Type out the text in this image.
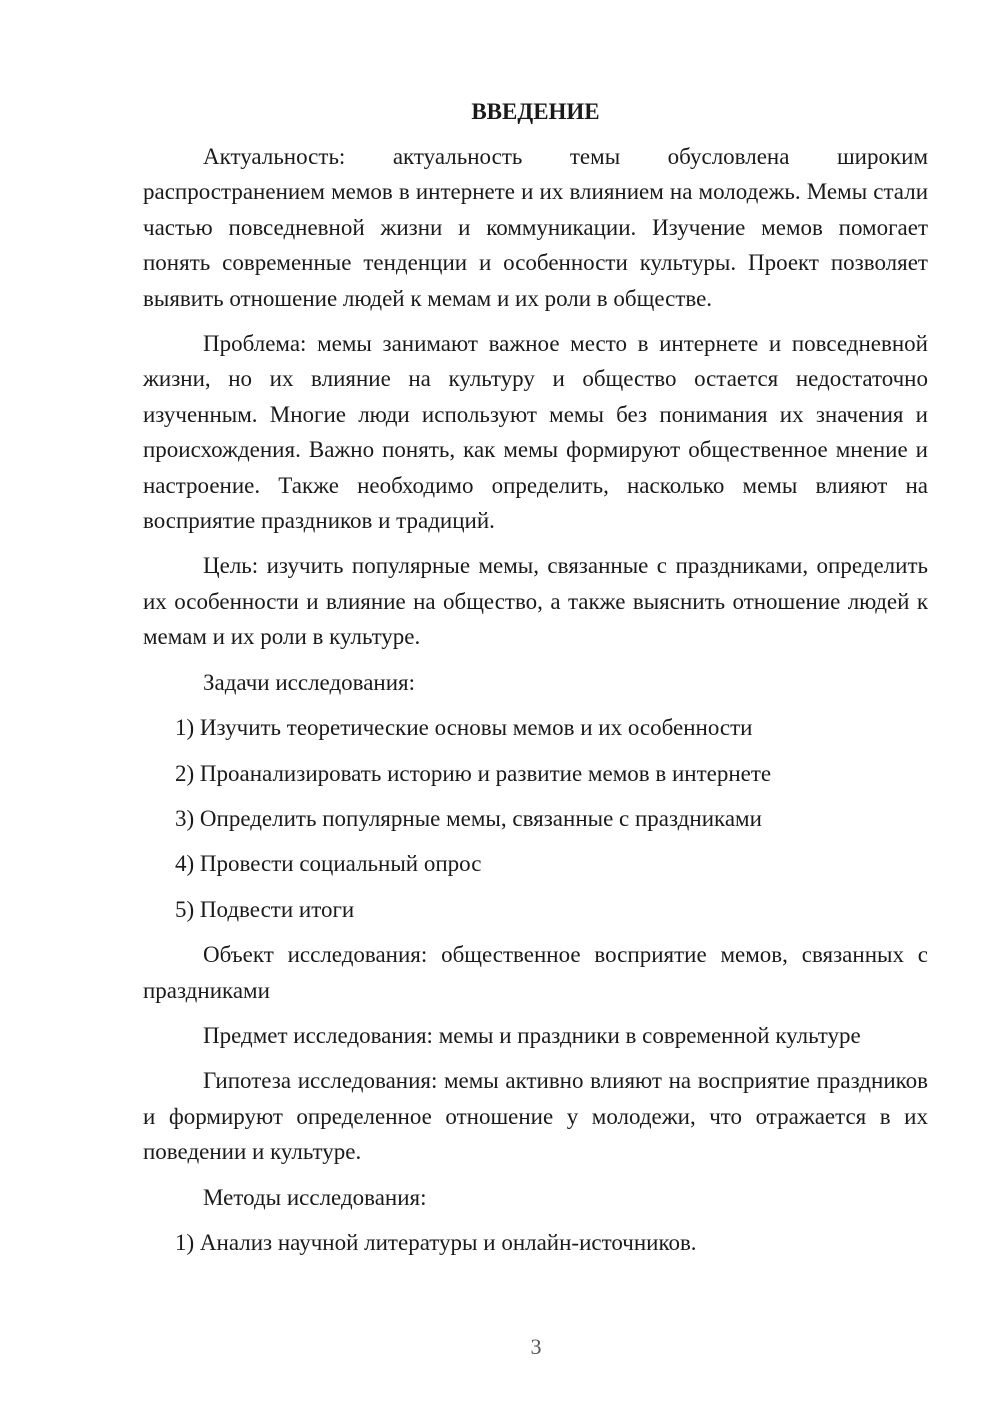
ВВЕДЕНИЕ

Актуальность: актуальность темы обусловлена широким распространением мемов в интернете и их влиянием на молодежь. Мемы стали частью повседневной жизни и коммуникации. Изучение мемов помогает понять современные тенденции и особенности культуры. Проект позволяет выявить отношение людей к мемам и их роли в обществе.

Проблема: мемы занимают важное место в интернете и повседневной жизни, но их влияние на культуру и общество остается недостаточно изученным. Многие люди используют мемы без понимания их значения и происхождения. Важно понять, как мемы формируют общественное мнение и настроение. Также необходимо определить, насколько мемы влияют на восприятие праздников и традиций.

Цель: изучить популярные мемы, связанные с праздниками, определить их особенности и влияние на общество, а также выяснить отношение людей к мемам и их роли в культуре.

Задачи исследования:

1) Изучить теоретические основы мемов и их особенности
2) Проанализировать историю и развитие мемов в интернете
3) Определить популярные мемы, связанные с праздниками
4) Провести социальный опрос
5) Подвести итоги

Объект исследования: общественное восприятие мемов, связанных с праздниками

Предмет исследования: мемы и праздники в современной культуре

Гипотеза исследования: мемы активно влияют на восприятие праздников и формируют определенное отношение у молодежи, что отражается в их поведении и культуре.

Методы исследования:

1) Анализ научной литературы и онлайн-источников.
3
